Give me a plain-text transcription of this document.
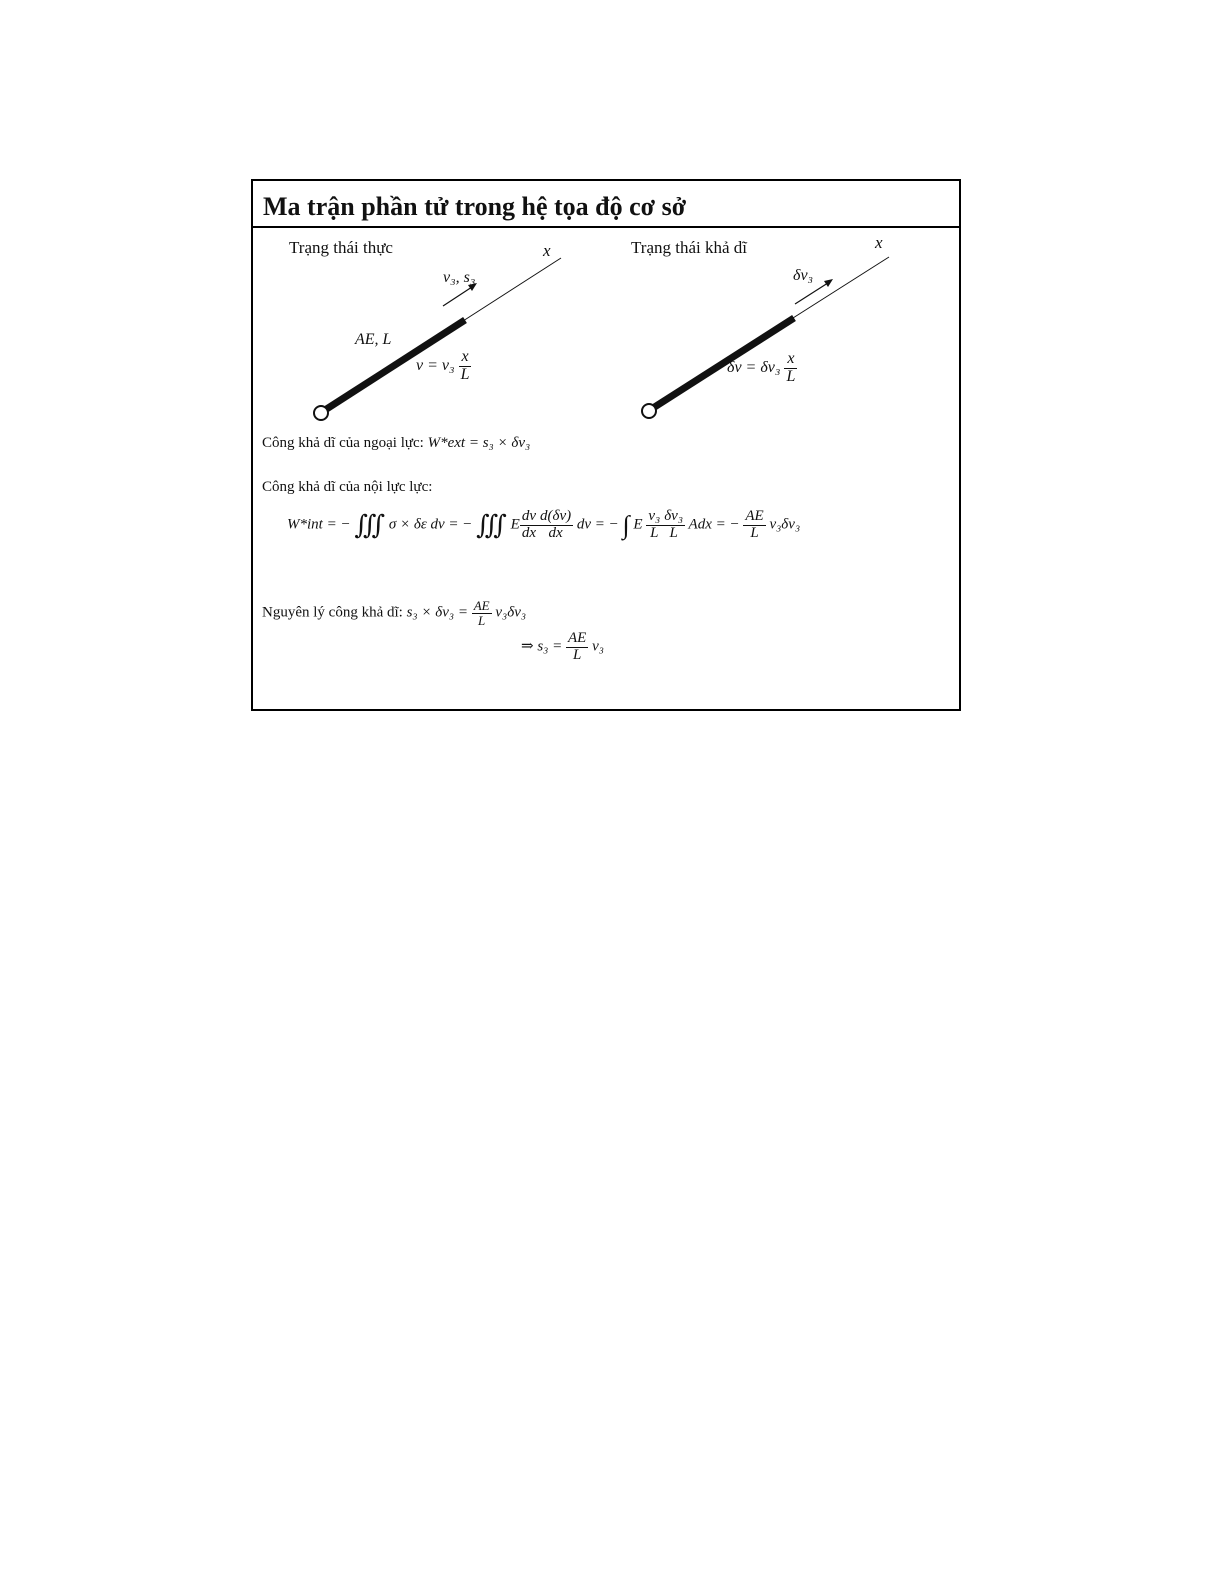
Ma trận phần tử trong hệ tọa độ cơ sở
Trạng thái thực	x
v₃, s₃
AE, L
$v = v_3 \frac{x}{L}$
Trạng thái khả dĩ	x
δv₃
$\delta v = \delta v_3 \frac{x}{L}$
Công khả dĩ của ngoại lực: W*ext = s₃ × δv₃
Công khả dĩ của nội lực lực:
W*int = − ∭ σ × δε dv = − ∭ E $\frac{dv}{dx} \frac{d(\delta v)}{dx}$ dv = − ∫ E $\frac{\text{v₃}}{L} \frac{\text{δv₃}}{L}$ Adx = − $\frac{AE}{L} v_3\delta v_3$
Nguyên lý công khả dĩ: $s_3 \times \delta v_3 = \frac{AE}{L} v_3\delta v_3$
⇒ $s_3 = \frac{AE}{L} v_3$
